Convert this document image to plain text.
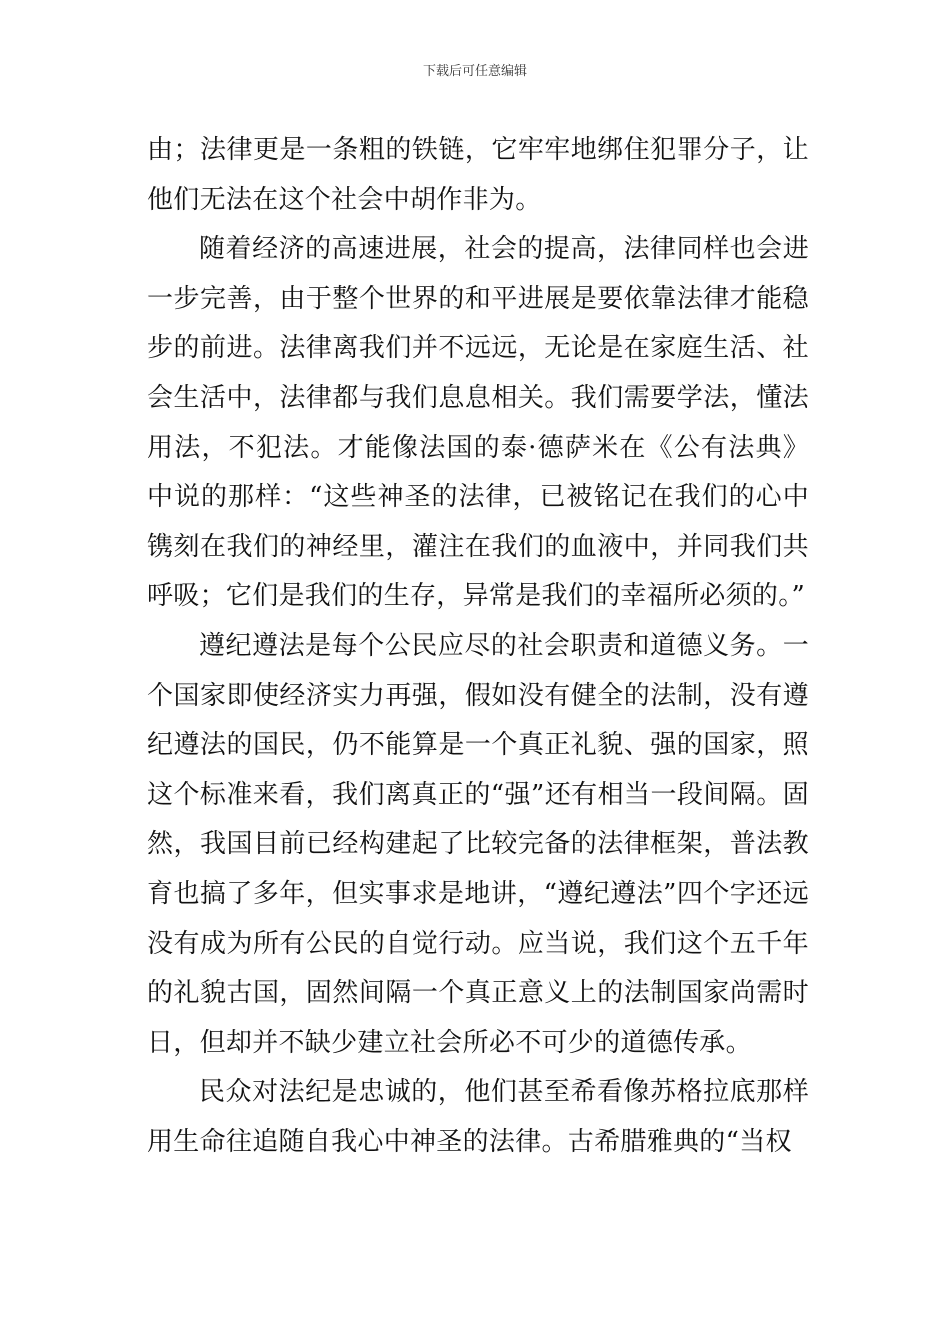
下载后可任意编辑

由；法律更是一条粗的铁链，它牢牢地绑住犯罪分子，让他们无法在这个社会中胡作非为。

随着经济的高速进展，社会的提高，法律同样也会进一步完善，由于整个世界的和平进展是要依靠法律才能稳步的前进。法律离我们并不远远，无论是在家庭生活、社会生活中，法律都与我们息息相关。我们需要学法，懂法用法，不犯法。才能像法国的泰·德萨米在《公有法典》中说的那样：“这些神圣的法律，已被铭记在我们的心中镌刻在我们的神经里，灌注在我们的血液中，并同我们共呼吸；它们是我们的生存，异常是我们的幸福所必须的。”

遵纪遵法是每个公民应尽的社会职责和道德义务。一个国家即使经济实力再强，假如没有健全的法制，没有遵纪遵法的国民，仍不能算是一个真正礼貌、强的国家，照这个标准来看，我们离真正的“强”还有相当一段间隔。固然，我国目前已经构建起了比较完备的法律框架，普法教育也搞了多年，但实事求是地讲，“遵纪遵法”四个字还远没有成为所有公民的自觉行动。应当说，我们这个五千年的礼貌古国，固然间隔一个真正意义上的法制国家尚需时日，但却并不缺少建立社会所必不可少的道德传承。

民众对法纪是忠诚的，他们甚至希看像苏格拉底那样用生命往追随自我心中神圣的法律。古希腊雅典的“当权
